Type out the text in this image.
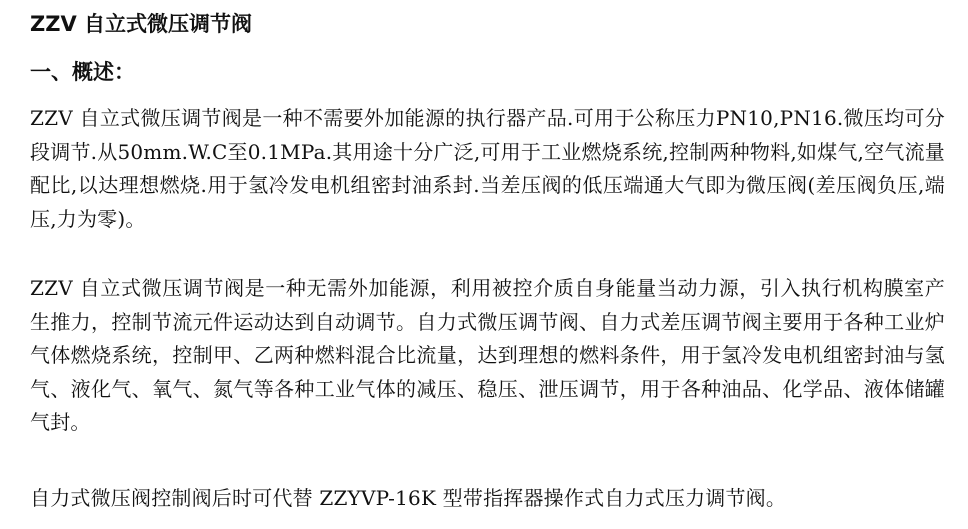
ZZV 自立式微压调节阀
一、概述：

ZZV 自立式微压调节阀是一种不需要外加能源的执行器产品.可用于公称压力PN10,PN16.微压均可分段调节.从50mm.W.C至0.1MPa.其用途十分广泛,可用于工业燃烧系统,控制两种物料,如煤气,空气流量配比,以达理想燃烧.用于氢冷发电机组密封油系封.当差压阀的低压端通大气即为微压阀(差压阀负压,端压,力为零)。

ZZV 自立式微压调节阀是一种无需外加能源，利用被控介质自身能量当动力源，引入执行机构膜室产生推力，控制节流元件运动达到自动调节。自力式微压调节阀、自力式差压调节阀主要用于各种工业炉气体燃烧系统，控制甲、乙两种燃料混合比流量，达到理想的燃料条件，用于氢冷发电机组密封油与氢气、液化气、氧气、氮气等各种工业气体的减压、稳压、泄压调节，用于各种油品、化学品、液体储罐气封。

自力式微压阀控制阀后时可代替 ZZYVP-16K 型带指挥器操作式自力式压力调节阀。
